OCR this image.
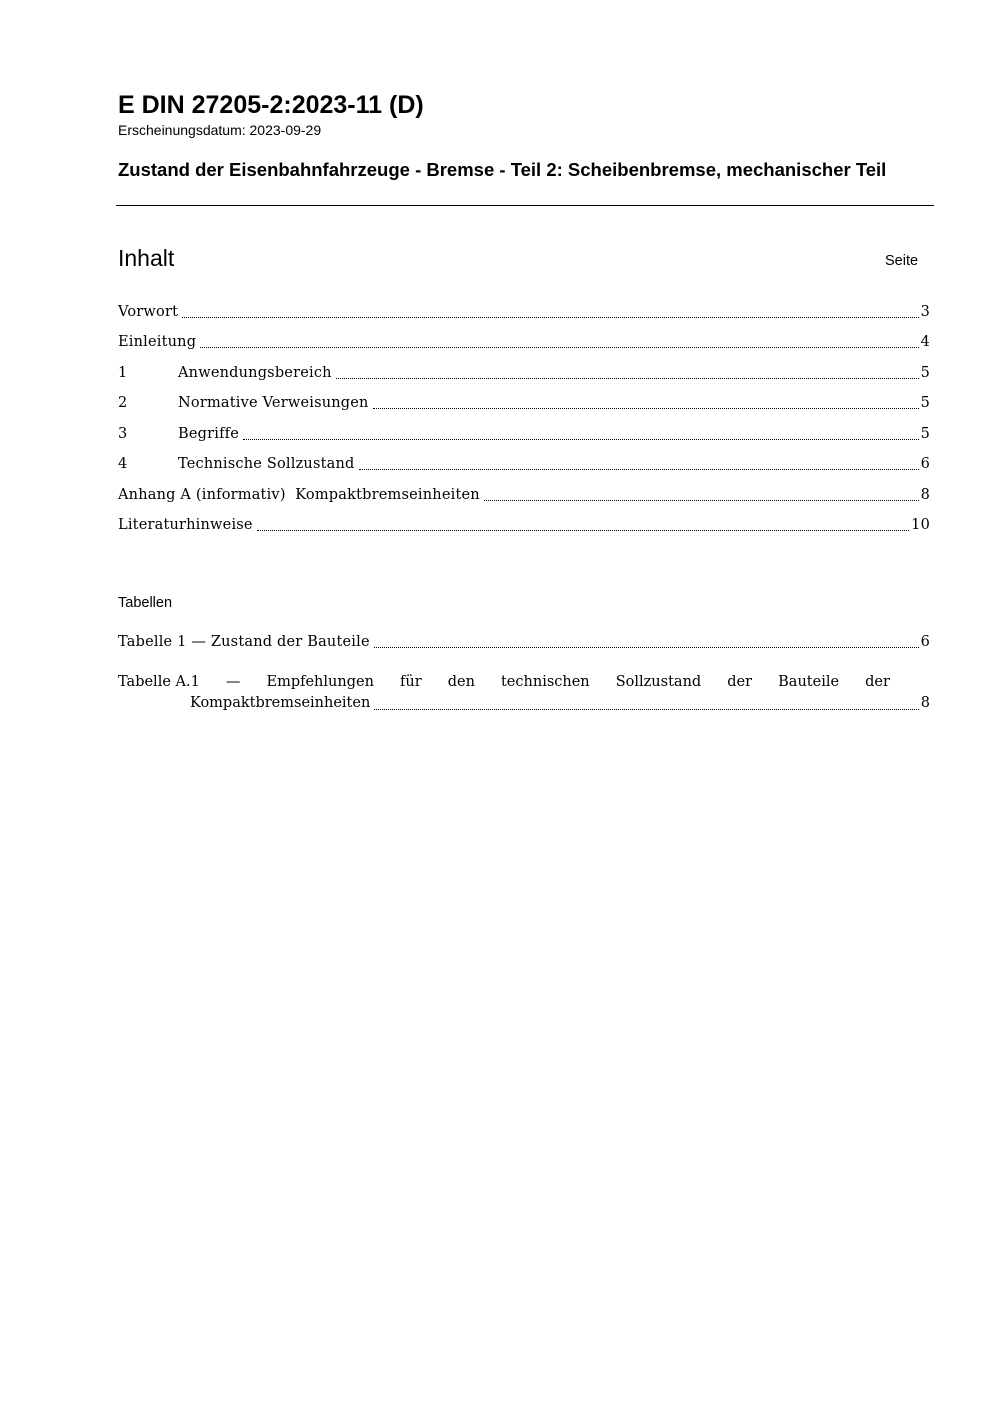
E DIN 27205-2:2023-11 (D)
Erscheinungsdatum: 2023-09-29
Zustand der Eisenbahnfahrzeuge - Bremse - Teil 2: Scheibenbremse, mechanischer Teil
Inhalt	Seite
Vorwort	3
Einleitung	4
1	Anwendungsbereich	5
2	Normative Verweisungen	5
3	Begriffe	5
4	Technische Sollzustand	6
Anhang A (informativ)  Kompaktbremseinheiten	8
Literaturhinweise	10
Tabellen
Tabelle 1 — Zustand der Bauteile	6
Tabelle A.1 — Empfehlungen für den technischen Sollzustand der Bauteile der
Kompaktbremseinheiten	8
